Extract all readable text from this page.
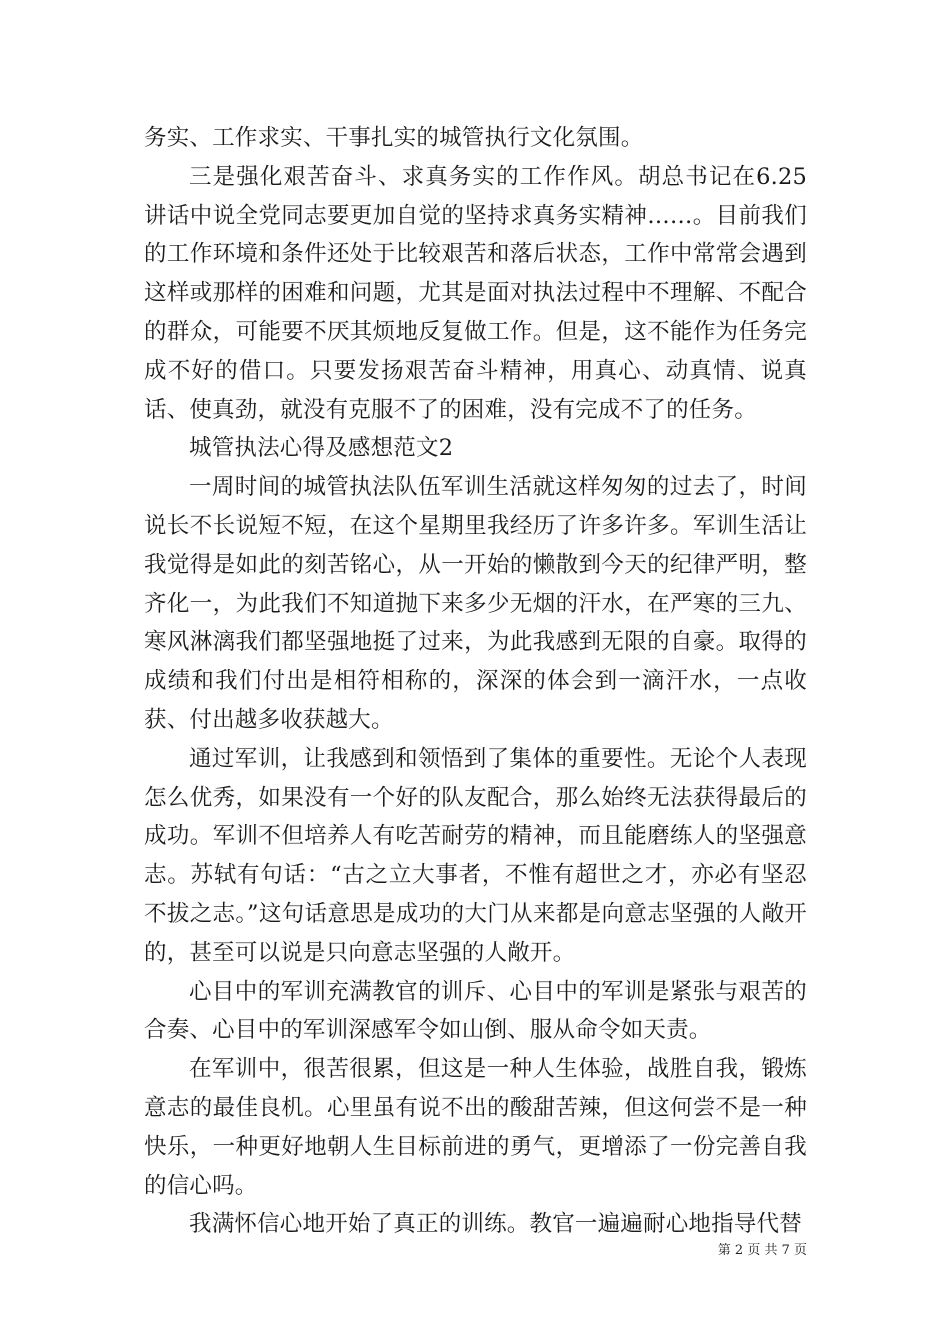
务实、工作求实、干事扎实的城管执行文化氛围。

三是强化艰苦奋斗、求真务实的工作作风。胡总书记在6.25讲话中说全党同志要更加自觉的坚持求真务实精神……。目前我们的工作环境和条件还处于比较艰苦和落后状态，工作中常常会遇到这样或那样的困难和问题，尤其是面对执法过程中不理解、不配合的群众，可能要不厌其烦地反复做工作。但是，这不能作为任务完成不好的借口。只要发扬艰苦奋斗精神，用真心、动真情、说真话、使真劲，就没有克服不了的困难，没有完成不了的任务。

城管执法心得及感想范文2

一周时间的城管执法队伍军训生活就这样匆匆的过去了，时间说长不长说短不短，在这个星期里我经历了许多许多。军训生活让我觉得是如此的刻苦铭心，从一开始的懒散到今天的纪律严明，整齐化一，为此我们不知道抛下来多少无烟的汗水，在严寒的三九、寒风淋漓我们都坚强地挺了过来，为此我感到无限的自豪。取得的成绩和我们付出是相符相称的，深深的体会到一滴汗水，一点收获、付出越多收获越大。

通过军训，让我感到和领悟到了集体的重要性。无论个人表现怎么优秀，如果没有一个好的队友配合，那么始终无法获得最后的成功。军训不但培养人有吃苦耐劳的精神，而且能磨练人的坚强意志。苏轼有句话：“古之立大事者，不惟有超世之才，亦必有坚忍不拔之志。”这句话意思是成功的大门从来都是向意志坚强的人敞开的，甚至可以说是只向意志坚强的人敞开。

心目中的军训充满教官的训斥、心目中的军训是紧张与艰苦的合奏、心目中的军训深感军令如山倒、服从命令如天责。

在军训中，很苦很累，但这是一种人生体验，战胜自我，锻炼意志的最佳良机。心里虽有说不出的酸甜苦辣，但这何尝不是一种快乐，一种更好地朝人生目标前进的勇气，更增添了一份完善自我的信心吗。

我满怀信心地开始了真正的训练。教官一遍遍耐心地指导代替

第 2 页 共 7 页
